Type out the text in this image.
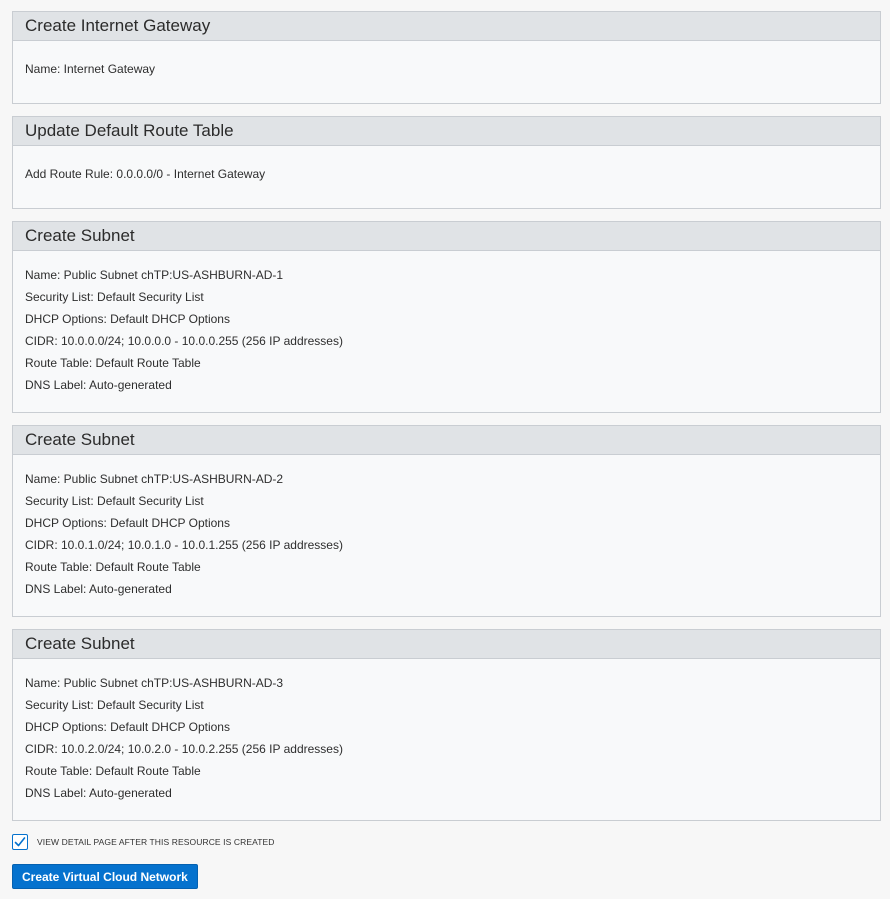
Create Internet Gateway
Name: Internet Gateway
Update Default Route Table
Add Route Rule: 0.0.0.0/0 - Internet Gateway
Create Subnet
Name: Public Subnet chTP:US-ASHBURN-AD-1
Security List: Default Security List
DHCP Options: Default DHCP Options
CIDR: 10.0.0.0/24; 10.0.0.0 - 10.0.0.255 (256 IP addresses)
Route Table: Default Route Table
DNS Label: Auto-generated
Create Subnet
Name: Public Subnet chTP:US-ASHBURN-AD-2
Security List: Default Security List
DHCP Options: Default DHCP Options
CIDR: 10.0.1.0/24; 10.0.1.0 - 10.0.1.255 (256 IP addresses)
Route Table: Default Route Table
DNS Label: Auto-generated
Create Subnet
Name: Public Subnet chTP:US-ASHBURN-AD-3
Security List: Default Security List
DHCP Options: Default DHCP Options
CIDR: 10.0.2.0/24; 10.0.2.0 - 10.0.2.255 (256 IP addresses)
Route Table: Default Route Table
DNS Label: Auto-generated
VIEW DETAIL PAGE AFTER THIS RESOURCE IS CREATED
Create Virtual Cloud Network
